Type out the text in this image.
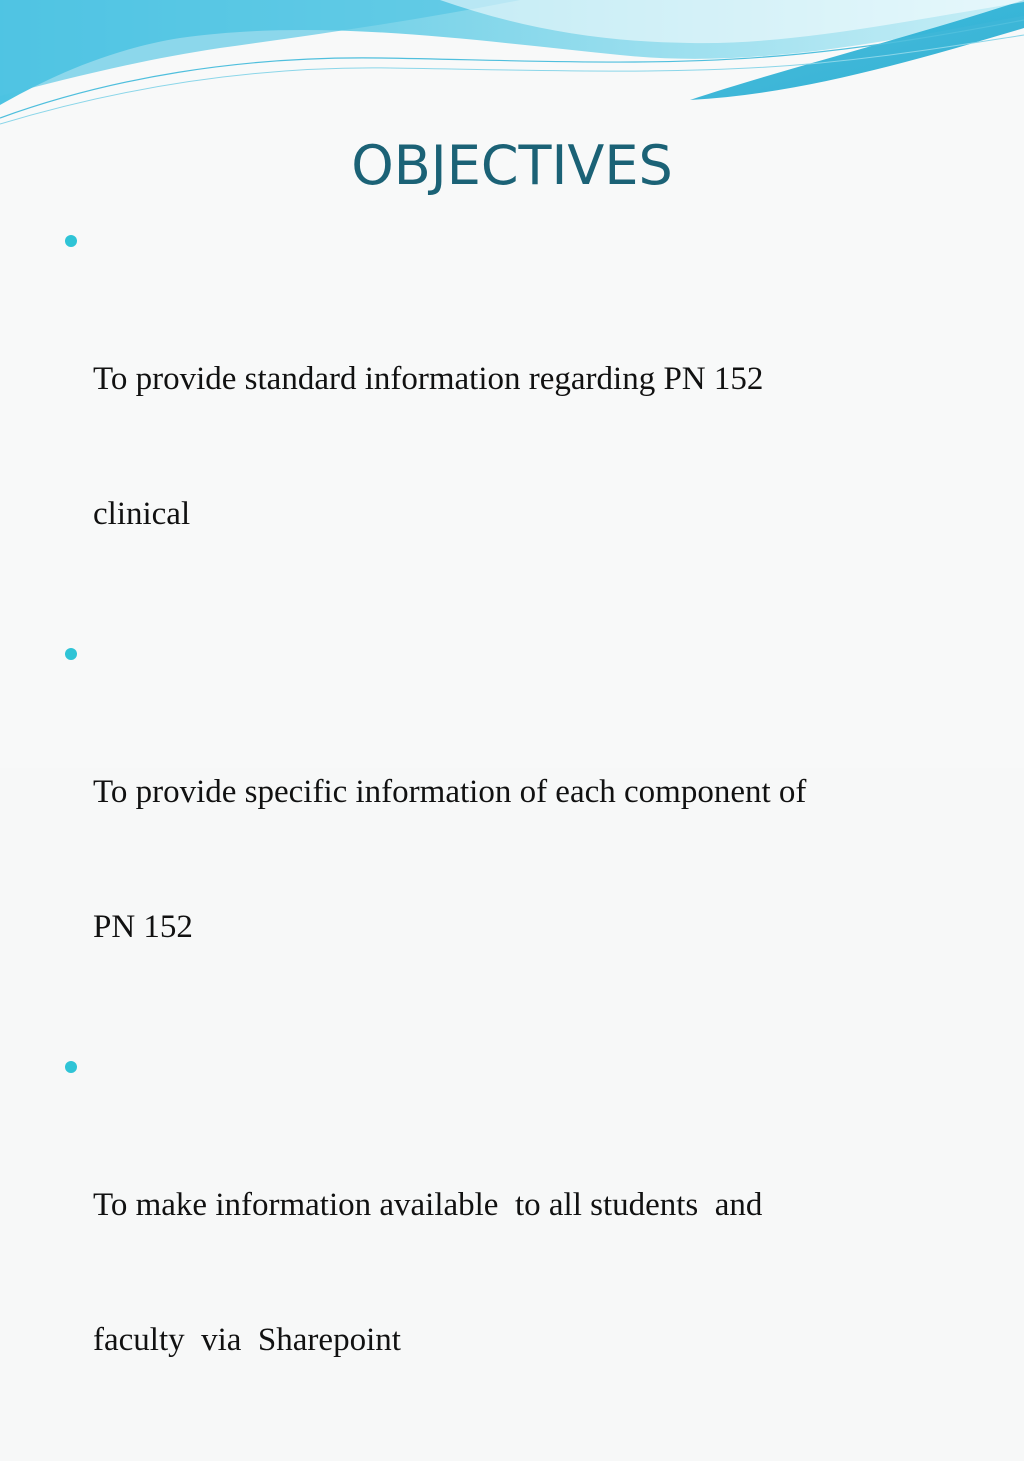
OBJECTIVES

To provide standard information regarding PN 152

clinical

To provide specific information of each component of

PN 152

To make information available  to all students  and

faculty  via  Sharepoint
